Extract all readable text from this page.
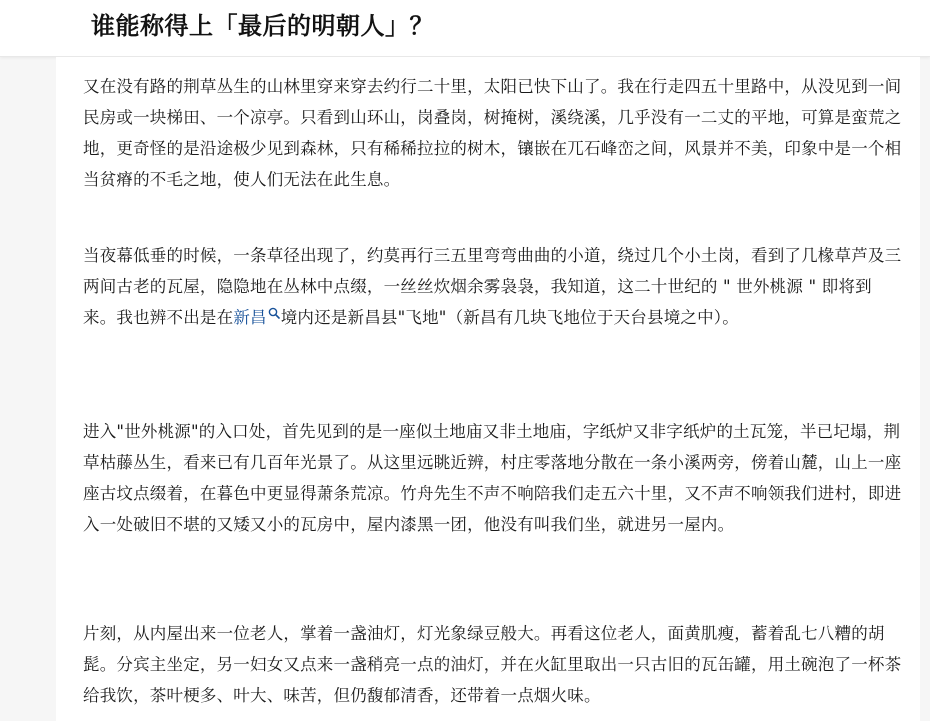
谁能称得上「最后的明朝人」？

又在没有路的荆草丛生的山林里穿来穿去约行二十里，太阳已快下山了。我在行走四五十里路中，从没见到一间民房或一块梯田、一个凉亭。只看到山环山，岗叠岗，树掩树，溪绕溪，几乎没有一二丈的平地，可算是蛮荒之地，更奇怪的是沿途极少见到森林，只有稀稀拉拉的树木，镶嵌在兀石峰峦之间，风景并不美，印象中是一个相当贫瘠的不毛之地，使人们无法在此生息。

当夜幕低垂的时候，一条草径出现了，约莫再行三五里弯弯曲曲的小道，绕过几个小土岗，看到了几椽草芦及三两间古老的瓦屋，隐隐地在丛林中点缀，一丝丝炊烟余雾袅袅，我知道，这二十世纪的 " 世外桃源 " 即将到来。我也辨不出是在新昌 境内还是新昌县"飞地"（新昌有几块飞地位于天台县境之中）。

进入"世外桃源"的入口处，首先见到的是一座似土地庙又非土地庙，字纸炉又非字纸炉的土瓦笼，半已圮塌，荆草枯藤丛生，看来已有几百年光景了。从这里远眺近辨，村庄零落地分散在一条小溪两旁，傍着山麓，山上一座座古坟点缀着，在暮色中更显得萧条荒凉。竹舟先生不声不响陪我们走五六十里，又不声不响领我们进村，即进入一处破旧不堪的又矮又小的瓦房中，屋内漆黑一团，他没有叫我们坐，就进另一屋内。

片刻，从内屋出来一位老人，掌着一盏油灯，灯光象绿豆般大。再看这位老人，面黄肌瘦，蓄着乱七八糟的胡髭。分宾主坐定，另一妇女又点来一盏稍亮一点的油灯，并在火缸里取出一只古旧的瓦缶罐，用土碗泡了一杯茶给我饮，茶叶梗多、叶大、味苦，但仍馥郁清香，还带着一点烟火味。
